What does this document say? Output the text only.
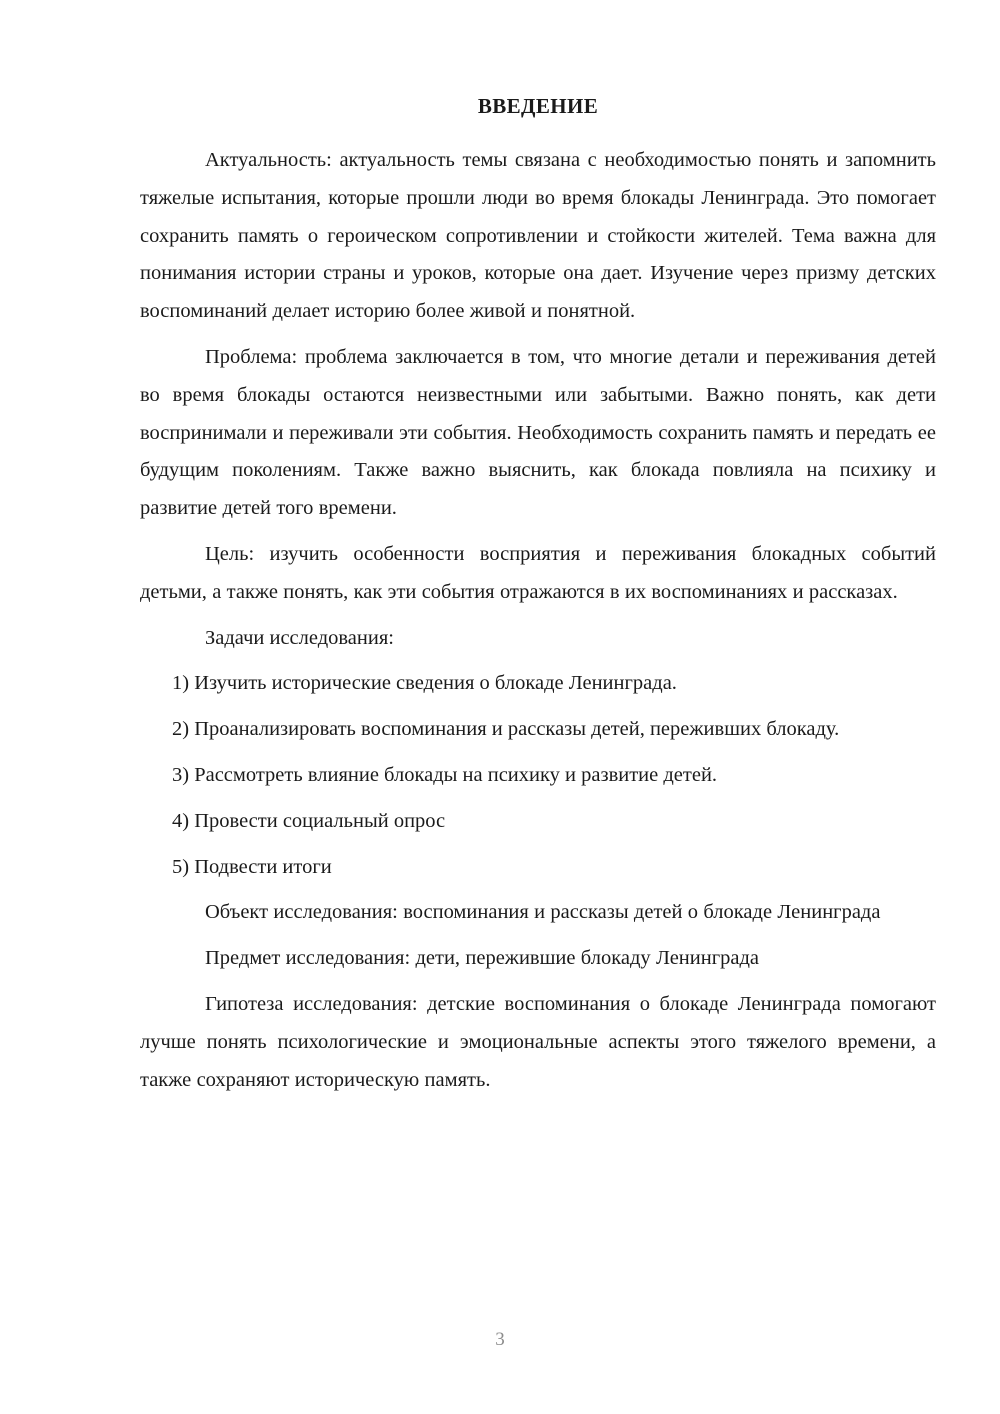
ВВЕДЕНИЕ

Актуальность: актуальность темы связана с необходимостью понять и запомнить тяжелые испытания, которые прошли люди во время блокады Ленинграда. Это помогает сохранить память о героическом сопротивлении и стойкости жителей. Тема важна для понимания истории страны и уроков, которые она дает. Изучение через призму детских воспоминаний делает историю более живой и понятной.

Проблема: проблема заключается в том, что многие детали и переживания детей во время блокады остаются неизвестными или забытыми. Важно понять, как дети воспринимали и переживали эти события. Необходимость сохранить память и передать ее будущим поколениям. Также важно выяснить, как блокада повлияла на психику и развитие детей того времени.

Цель: изучить особенности восприятия и переживания блокадных событий детьми, а также понять, как эти события отражаются в их воспоминаниях и рассказах.

Задачи исследования:

1) Изучить исторические сведения о блокаде Ленинграда.
2) Проанализировать воспоминания и рассказы детей, переживших блокаду.
3) Рассмотреть влияние блокады на психику и развитие детей.
4) Провести социальный опрос
5) Подвести итоги

Объект исследования: воспоминания и рассказы детей о блокаде Ленинграда

Предмет исследования: дети, пережившие блокаду Ленинграда

Гипотеза исследования: детские воспоминания о блокаде Ленинграда помогают лучше понять психологические и эмоциональные аспекты этого тяжелого времени, а также сохраняют историческую память.

3
